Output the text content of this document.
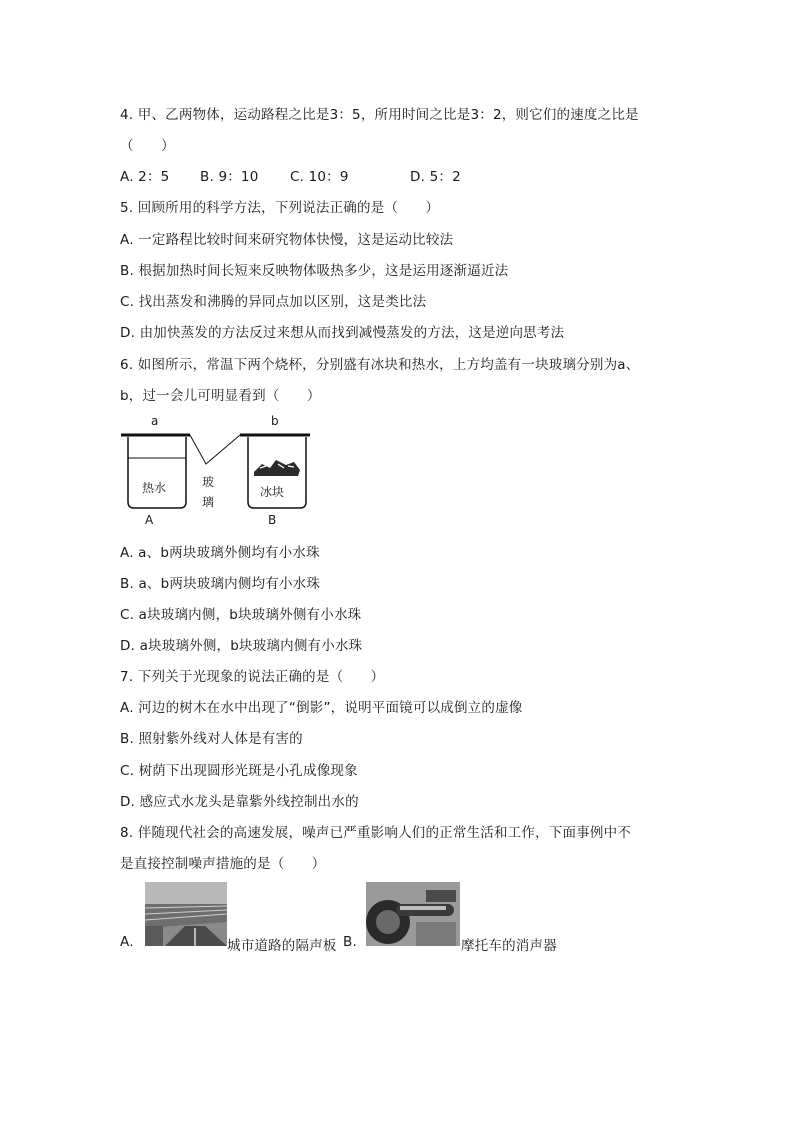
4. 甲、乙两物体，运动路程之比是3：5，所用时间之比是3：2，则它们的速度之比是
（　　）
A. 2：5 B. 9：10 C. 10：9	D. 5：2
5. 回顾所用的科学方法，下列说法正确的是（　　）
A. 一定路程比较时间来研究物体快慢，这是运动比较法
B. 根据加热时间长短来反映物体吸热多少，这是运用逐渐逼近法
C. 找出蒸发和沸腾的异同点加以区别，这是类比法
D. 由加快蒸发的方法反过来想从而找到减慢蒸发的方法，这是逆向思考法
6. 如图所示，常温下两个烧杯，分别盛有冰块和热水，上方均盖有一块玻璃分别为a、
b，过一会儿可明显看到（　　）
a	b
热水	冰块
玻
璃
A	B
A. a、b两块玻璃外侧均有小水珠
B. a、b两块玻璃内侧均有小水珠
C. a块玻璃内侧，b块玻璃外侧有小水珠
D. a块玻璃外侧，b块玻璃内侧有小水珠
7. 下列关于光现象的说法正确的是（　　）
A. 河边的树木在水中出现了“倒影”，说明平面镜可以成倒立的虚像
B. 照射紫外线对人体是有害的
C. 树荫下出现圆形光斑是小孔成像现象
D. 感应式水龙头是靠紫外线控制出水的
8. 伴随现代社会的高速发展，噪声已严重影响人们的正常生活和工作，下面事例中不
是直接控制噪声措施的是（　　）
A.	城市道路的隔声板 B.	摩托车的消声器
